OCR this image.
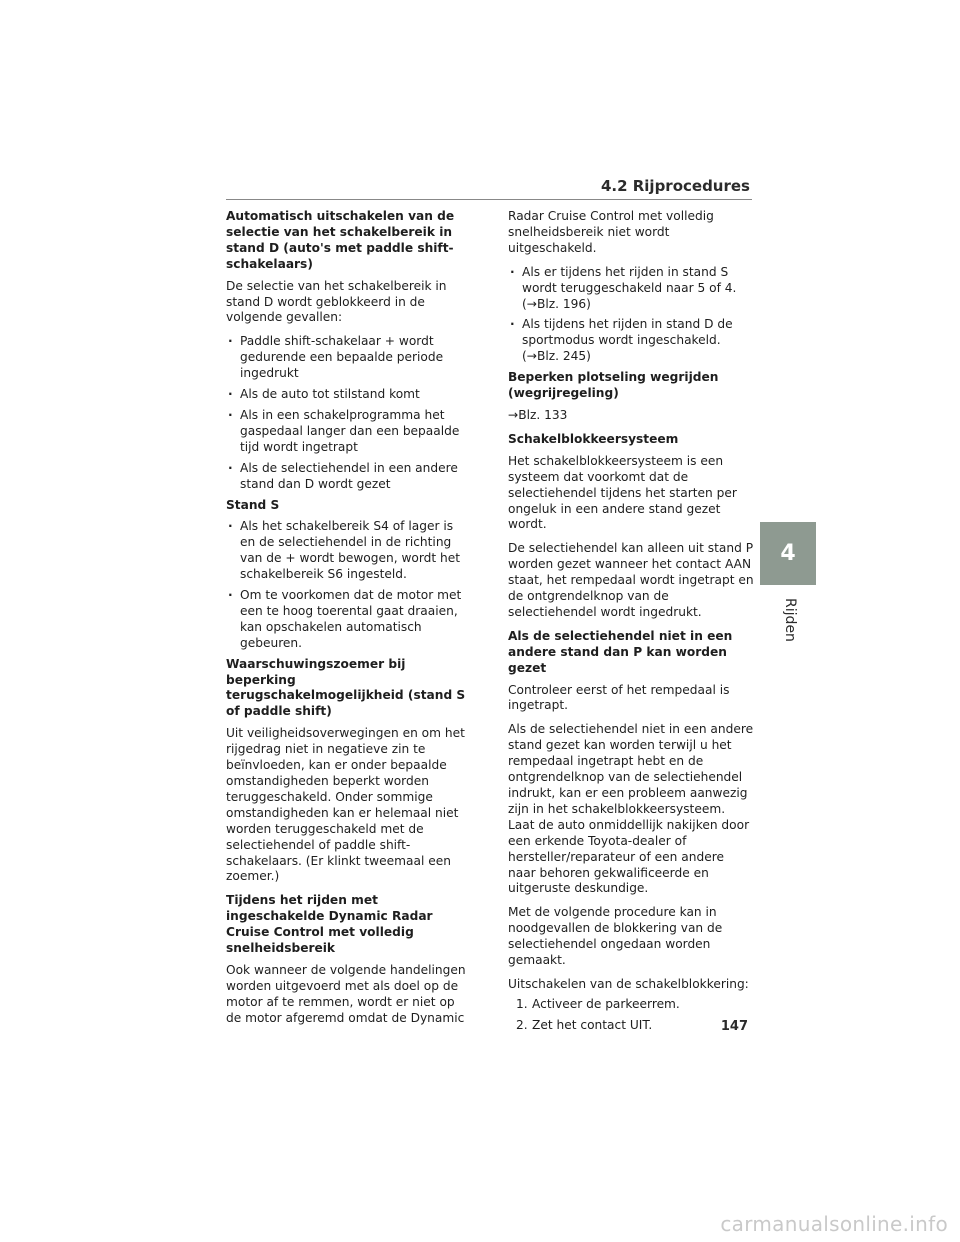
4.2 Rijprocedures

Automatisch uitschakelen van de selectie van het schakelbereik in stand D (auto's met paddle shift-schakelaars)

De selectie van het schakelbereik in stand D wordt geblokkeerd in de volgende gevallen:

· Paddle shift-schakelaar + wordt gedurende een bepaalde periode ingedrukt
· Als de auto tot stilstand komt
· Als in een schakelprogramma het gaspedaal langer dan een bepaalde tijd wordt ingetrapt
· Als de selectiehendel in een andere stand dan D wordt gezet

Stand S

· Als het schakelbereik S4 of lager is en de selectiehendel in de richting van de + wordt bewogen, wordt het schakelbereik S6 ingesteld.
· Om te voorkomen dat de motor met een te hoog toerental gaat draaien, kan opschakelen automatisch gebeuren.

Waarschuwingszoemer bij beperking terugschakelmogelijkheid (stand S of paddle shift)

Uit veiligheidsoverwegingen en om het rijgedrag niet in negatieve zin te beïnvloeden, kan er onder bepaalde omstandigheden beperkt worden teruggeschakeld. Onder sommige omstandigheden kan er helemaal niet worden teruggeschakeld met de selectiehendel of paddle shift-schakelaars. (Er klinkt tweemaal een zoemer.)

Tijdens het rijden met ingeschakelde Dynamic Radar Cruise Control met volledig snelheidsbereik

Ook wanneer de volgende handelingen worden uitgevoerd met als doel op de motor af te remmen, wordt er niet op de motor afgeremd omdat de Dynamic

Radar Cruise Control met volledig snelheidsbereik niet wordt uitgeschakeld.

· Als er tijdens het rijden in stand S wordt teruggeschakeld naar 5 of 4. (→Blz. 196)
· Als tijdens het rijden in stand D de sportmodus wordt ingeschakeld. (→Blz. 245)

Beperken plotseling wegrijden (wegrijregeling)

→Blz. 133

Schakelblokkeersysteem

Het schakelblokkeersysteem is een systeem dat voorkomt dat de selectiehendel tijdens het starten per ongeluk in een andere stand gezet wordt.

De selectiehendel kan alleen uit stand P worden gezet wanneer het contact AAN staat, het rempedaal wordt ingetrapt en de ontgrendelknop van de selectiehendel wordt ingedrukt.

Als de selectiehendel niet in een andere stand dan P kan worden gezet

Controleer eerst of het rempedaal is ingetrapt.

Als de selectiehendel niet in een andere stand gezet kan worden terwijl u het rempedaal ingetrapt hebt en de ontgrendelknop van de selectiehendel indrukt, kan er een probleem aanwezig zijn in het schakelblokkeersysteem. Laat de auto onmiddellijk nakijken door een erkende Toyota-dealer of hersteller/reparateur of een andere naar behoren gekwalificeerde en uitgeruste deskundige.

Met de volgende procedure kan in noodgevallen de blokkering van de selectiehendel ongedaan worden gemaakt.

Uitschakelen van de schakelblokkering:

1. Activeer de parkeerrem.
2. Zet het contact UIT.	147
4
Rijden
carmanualsonline.info
